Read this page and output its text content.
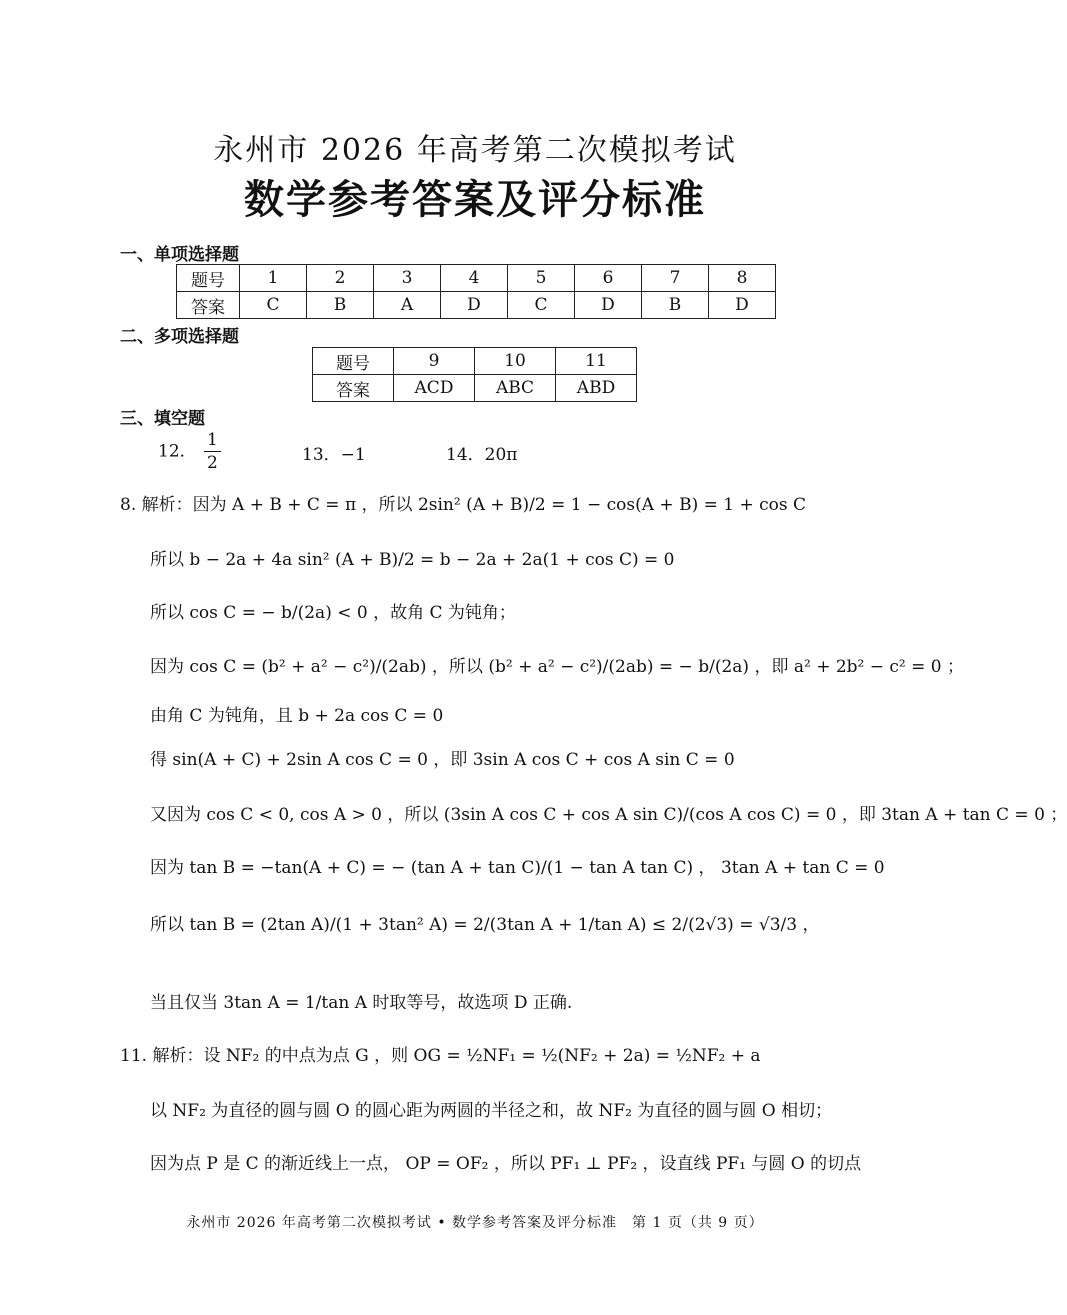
永州市 2026 年高考第二次模拟考试
数学参考答案及评分标准
一、单项选择题
题号	1	2	3	4	5	6	7	8
答案	C	B	A	D	C	D	B	D
二、多项选择题
题号	9	10	11
答案	ACD	ABC	ABD
三、填空题
12． $\frac{1}{2}$	13．−1	14．20π
8. 解析：因为 A + B + C = π ，所以 2sin² (A + B)/2 = 1 − cos(A + B) = 1 + cos C
所以 b − 2a + 4a sin² (A + B)/2 = b − 2a + 2a(1 + cos C) = 0
所以 cos C = − b/(2a) < 0 ，故角 C 为钝角；
因为 cos C = (b² + a² − c²)/(2ab) ，所以 (b² + a² − c²)/(2ab) = − b/(2a) ，即 a² + 2b² − c² = 0 ；
由角 C 为钝角，且 b + 2a cos C = 0
得 sin(A + C) + 2sin A cos C = 0 ，即 3sin A cos C + cos A sin C = 0
又因为 cos C < 0, cos A > 0 ，所以 (3sin A cos C + cos A sin C)/(cos A cos C) = 0 ，即 3tan A + tan C = 0 ；
因为 tan B = −tan(A + C) = − (tan A + tan C)/(1 − tan A tan C) ， 3tan A + tan C = 0
所以 tan B = (2tan A)/(1 + 3tan² A) = 2/(3tan A + 1/tan A) ≤ 2/(2√3) = √3/3 ，
当且仅当 3tan A = 1/tan A 时取等号，故选项 D 正确.
11. 解析：设 NF₂ 的中点为点 G ，则 OG = ½NF₁ = ½(NF₂ + 2a) = ½NF₂ + a
以 NF₂ 为直径的圆与圆 O 的圆心距为两圆的半径之和，故 NF₂ 为直径的圆与圆 O 相切；
因为点 P 是 C 的渐近线上一点， OP = OF₂ ，所以 PF₁ ⊥ PF₂ ，设直线 PF₁ 与圆 O 的切点
永州市 2026 年高考第二次模拟考试 • 数学参考答案及评分标准　第 1 页（共 9 页）
